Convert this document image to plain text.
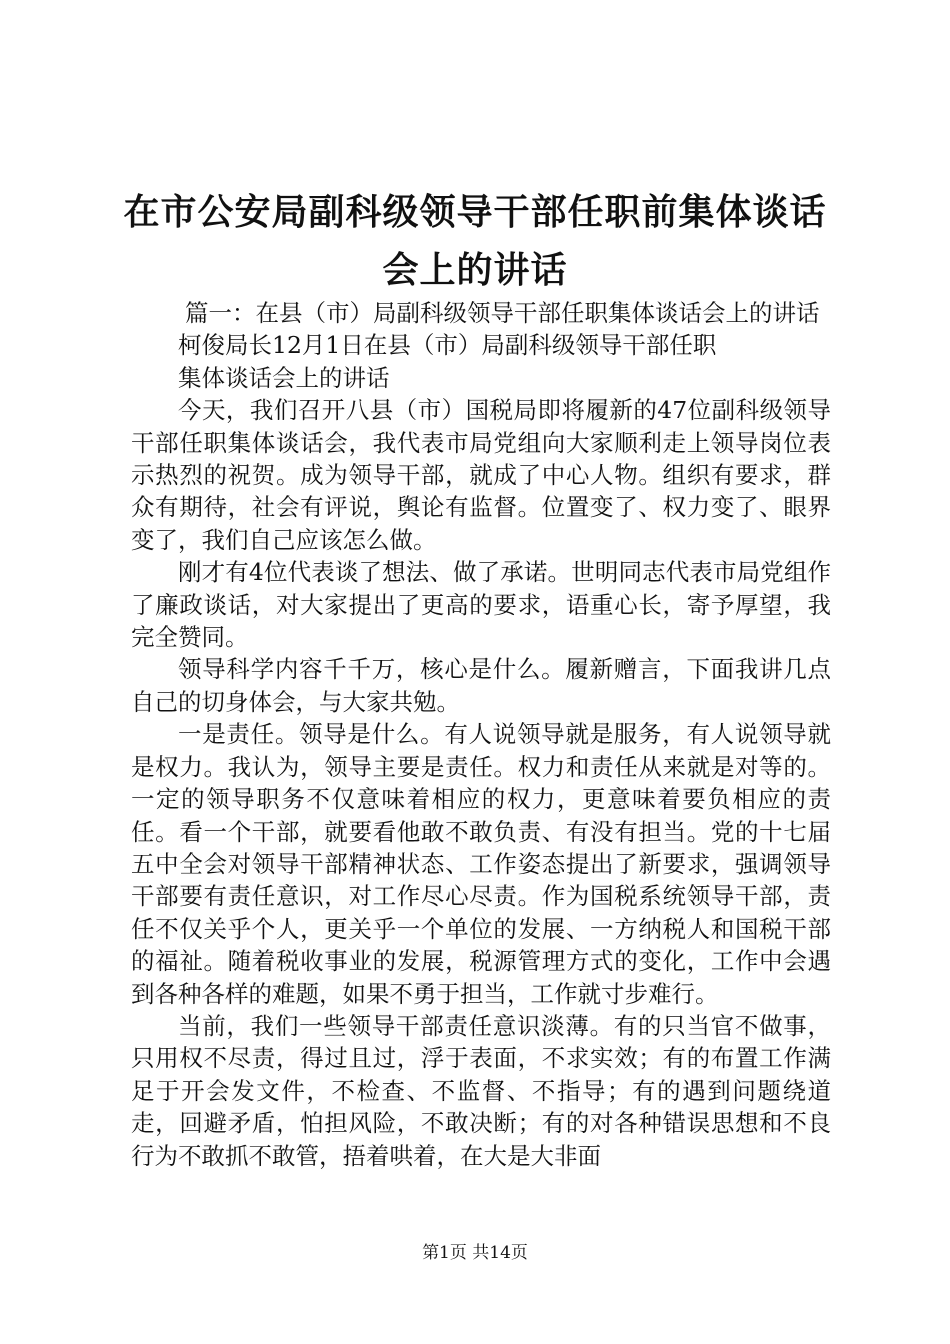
在市公安局副科级领导干部任职前集体谈话会上的讲话

篇一：在县（市）局副科级领导干部任职集体谈话会上的讲话

柯俊局长12月1日在县（市）局副科级领导干部任职

集体谈话会上的讲话

今天，我们召开八县（市）国税局即将履新的47位副科级领导干部任职集体谈话会，我代表市局党组向大家顺利走上领导岗位表示热烈的祝贺。成为领导干部，就成了中心人物。组织有要求，群众有期待，社会有评说，舆论有监督。位置变了、权力变了、眼界变了，我们自己应该怎么做。

刚才有4位代表谈了想法、做了承诺。世明同志代表市局党组作了廉政谈话，对大家提出了更高的要求，语重心长，寄予厚望，我完全赞同。

领导科学内容千千万，核心是什么。履新赠言，下面我讲几点自己的切身体会，与大家共勉。

一是责任。领导是什么。有人说领导就是服务，有人说领导就是权力。我认为，领导主要是责任。权力和责任从来就是对等的。一定的领导职务不仅意味着相应的权力，更意味着要负相应的责任。看一个干部，就要看他敢不敢负责、有没有担当。党的十七届五中全会对领导干部精神状态、工作姿态提出了新要求，强调领导干部要有责任意识，对工作尽心尽责。作为国税系统领导干部，责任不仅关乎个人，更关乎一个单位的发展、一方纳税人和国税干部的福祉。随着税收事业的发展，税源管理方式的变化，工作中会遇到各种各样的难题，如果不勇于担当，工作就寸步难行。

当前，我们一些领导干部责任意识淡薄。有的只当官不做事，只用权不尽责，得过且过，浮于表面，不求实效；有的布置工作满足于开会发文件，不检查、不监督、不指导；有的遇到问题绕道走，回避矛盾，怕担风险，不敢决断；有的对各种错误思想和不良行为不敢抓不敢管，捂着哄着，在大是大非面

第1页 共14页
